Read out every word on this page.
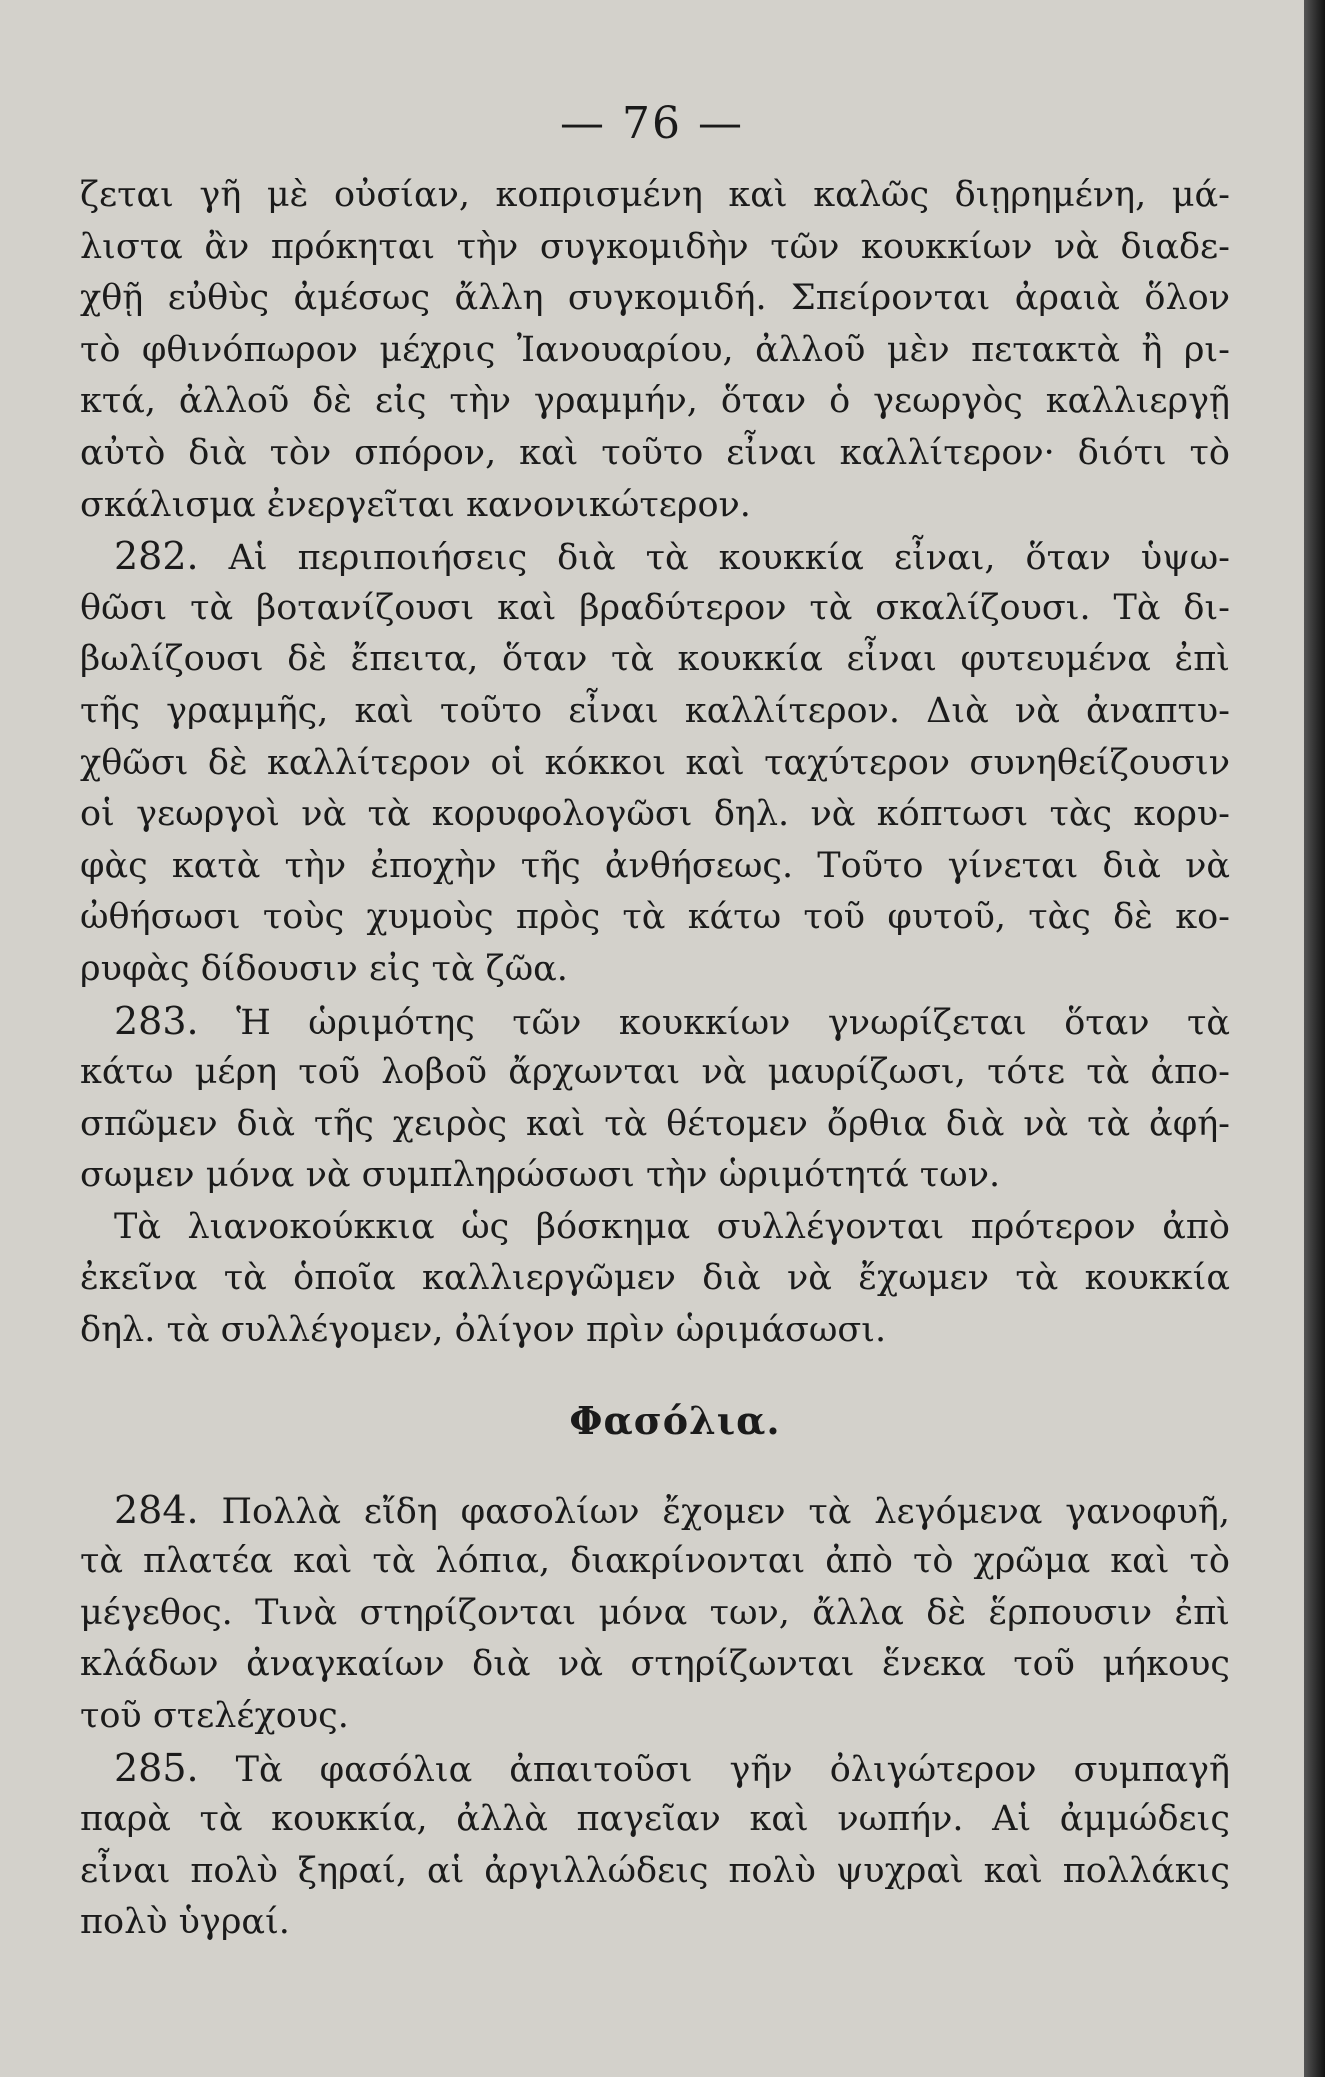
— 76 —
ζεται γῆ μὲ οὐσίαν, κοπρισμένη καὶ καλῶς διῃρημένη, μά-
λιστα ἂν πρόκηται τὴν συγκομιδὴν τῶν κουκκίων νὰ διαδε-
χθῇ εὐθὺς ἀμέσως ἄλλη συγκομιδή. Σπείρονται ἀραιὰ ὅλον
τὸ φθινόπωρον μέχρις Ἰανουαρίου, ἀλλοῦ μὲν πετακτὰ ἢ ρι-
κτά, ἀλλοῦ δὲ εἰς τὴν γραμμήν, ὅταν ὁ γεωργὸς καλλιεργῇ
αὐτὸ διὰ τὸν σπόρον, καὶ τοῦτο εἶναι καλλίτερον· διότι τὸ
σκάλισμα ἐνεργεῖται κανονικώτερον.
282. Αἱ περιποιήσεις διὰ τὰ κουκκία εἶναι, ὅταν ὑψω-
θῶσι τὰ βοτανίζουσι καὶ βραδύτερον τὰ σκαλίζουσι. Τὰ δι-
βωλίζουσι δὲ ἔπειτα, ὅταν τὰ κουκκία εἶναι φυτευμένα ἐπὶ
τῆς γραμμῆς, καὶ τοῦτο εἶναι καλλίτερον. Διὰ νὰ ἀναπτυ-
χθῶσι δὲ καλλίτερον οἱ κόκκοι καὶ ταχύτερον συνηθείζουσιν
οἱ γεωργοὶ νὰ τὰ κορυφολογῶσι δηλ. νὰ κόπτωσι τὰς κορυ-
φὰς κατὰ τὴν ἐποχὴν τῆς ἀνθήσεως. Τοῦτο γίνεται διὰ νὰ
ὠθήσωσι τοὺς χυμοὺς πρὸς τὰ κάτω τοῦ φυτοῦ, τὰς δὲ κο-
ρυφὰς δίδουσιν εἰς τὰ ζῶα.
283. Ἡ ὡριμότης τῶν κουκκίων γνωρίζεται ὅταν τὰ
κάτω μέρη τοῦ λοβοῦ ἄρχωνται νὰ μαυρίζωσι, τότε τὰ ἀπο-
σπῶμεν διὰ τῆς χειρὸς καὶ τὰ θέτομεν ὄρθια διὰ νὰ τὰ ἀφή-
σωμεν μόνα νὰ συμπληρώσωσι τὴν ὡριμότητά των.
Τὰ λιανοκούκκια ὡς βόσκημα συλλέγονται πρότερον ἀπὸ
ἐκεῖνα τὰ ὁποῖα καλλιεργῶμεν διὰ νὰ ἔχωμεν τὰ κουκκία
δηλ. τὰ συλλέγομεν, ὀλίγον πρὶν ὡριμάσωσι.
Φασόλια.
284. Πολλὰ εἴδη φασολίων ἔχομεν τὰ λεγόμενα γανοφυῆ,
τὰ πλατέα καὶ τὰ λόπια, διακρίνονται ἀπὸ τὸ χρῶμα καὶ τὸ
μέγεθος. Τινὰ στηρίζονται μόνα των, ἄλλα δὲ ἕρπουσιν ἐπὶ
κλάδων ἀναγκαίων διὰ νὰ στηρίζωνται ἕνεκα τοῦ μήκους
τοῦ στελέχους.
285. Τὰ φασόλια ἀπαιτοῦσι γῆν ὀλιγώτερον συμπαγῆ
παρὰ τὰ κουκκία, ἀλλὰ παγεῖαν καὶ νωπήν. Αἱ ἀμμώδεις
εἶναι πολὺ ξηραί, αἱ ἀργιλλώδεις πολὺ ψυχραὶ καὶ πολλάκις
πολὺ ὑγραί.
